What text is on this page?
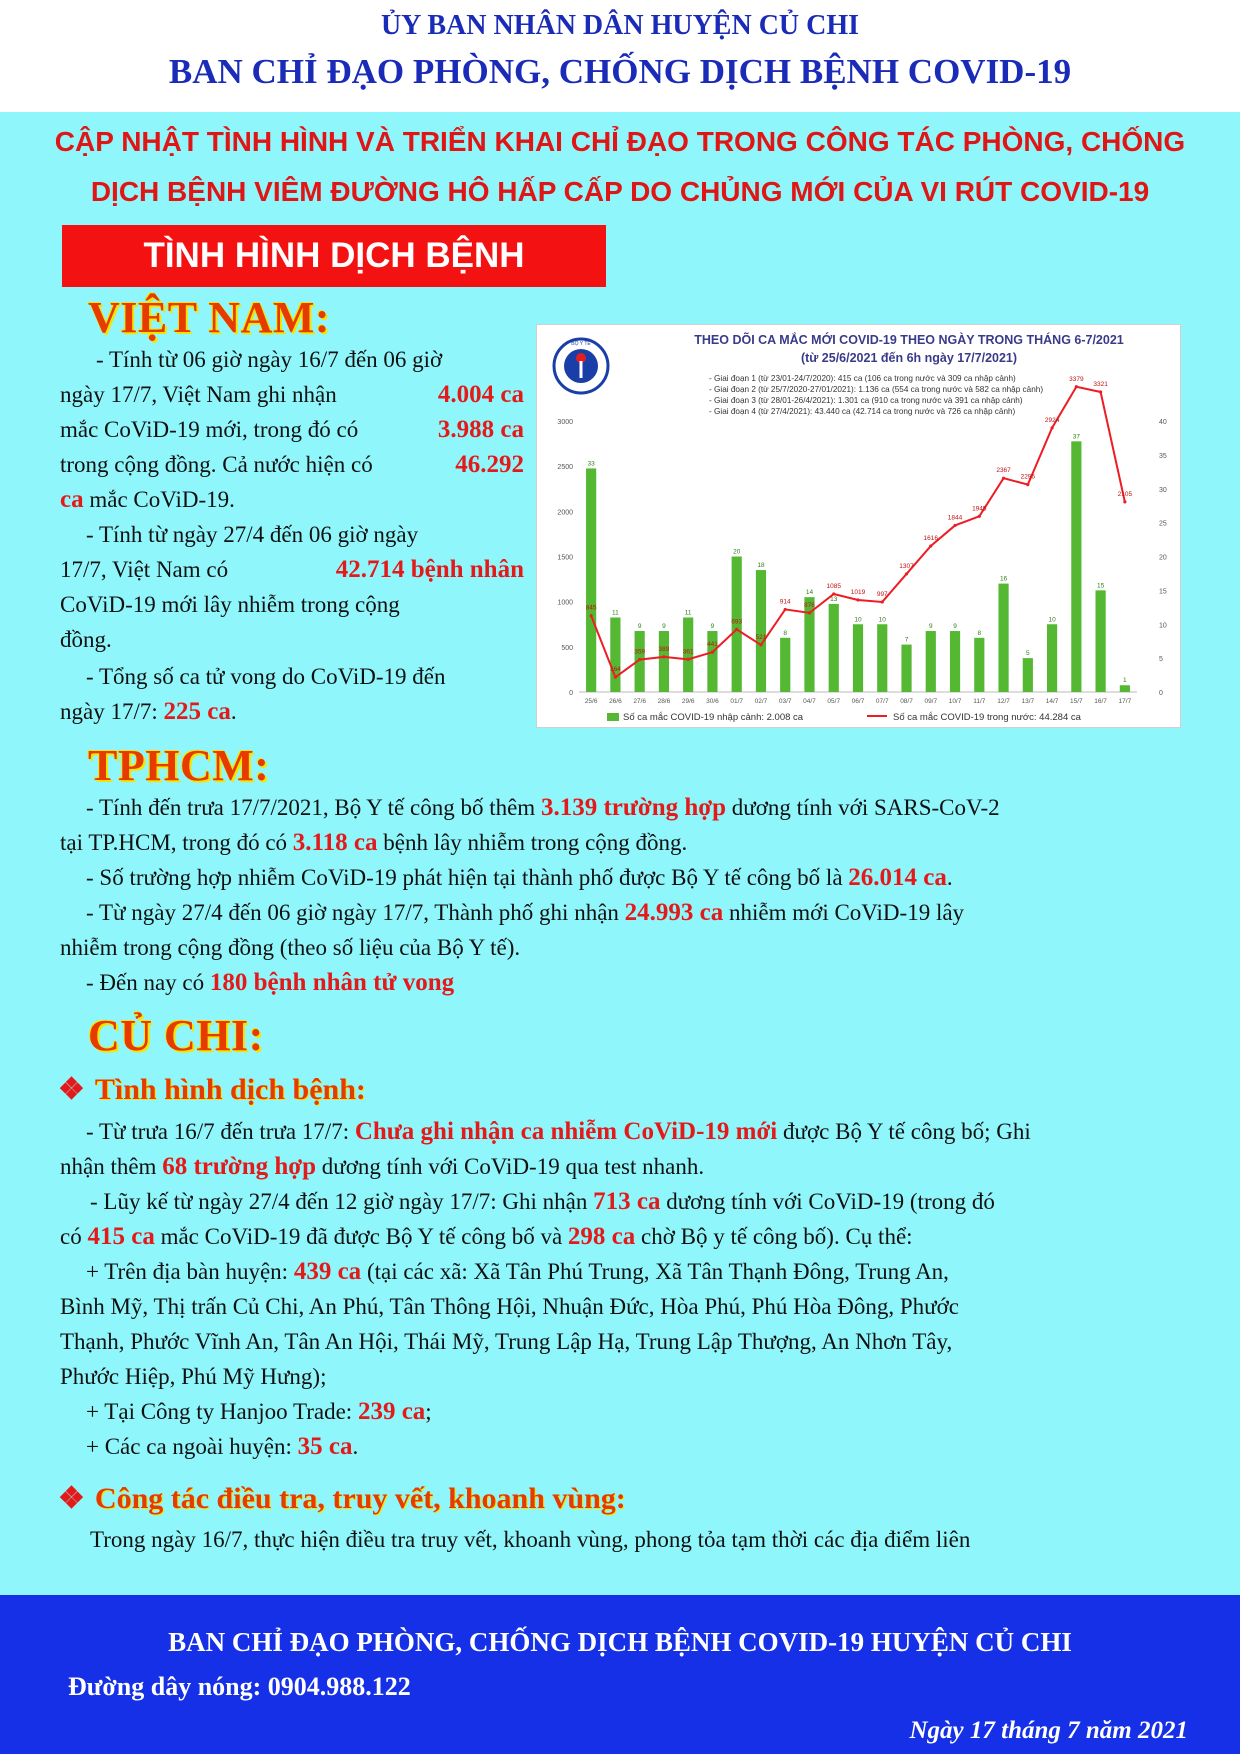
ỦY BAN NHÂN DÂN HUYỆN CỦ CHI
BAN CHỈ ĐẠO PHÒNG, CHỐNG DỊCH BỆNH COVID-19
CẬP NHẬT TÌNH HÌNH VÀ TRIỂN KHAI CHỈ ĐẠO TRONG CÔNG TÁC PHÒNG, CHỐNG
DỊCH BỆNH VIÊM ĐƯỜNG HÔ HẤP CẤP DO CHỦNG MỚI CỦA VI RÚT COVID-19
TÌNH HÌNH DỊCH BỆNH
VIỆT NAM:
- Tính từ 06 giờ ngày 16/7 đến 06 giờ
ngày 17/7, Việt Nam ghi nhận	4.004 ca
mắc CoViD-19 mới, trong đó có	3.988 ca
trong cộng đồng. Cả nước hiện có	46.292
ca mắc CoViD-19.
- Tính từ ngày 27/4 đến 06 giờ ngày
17/7, Việt Nam có	42.714 bệnh nhân
CoViD-19 mới lây nhiễm trong cộng
đồng.
- Tổng số ca tử vong do CoViD-19 đến
ngày 17/7: 225 ca.
BỘ Y TẾ	THEO DÕI CA MẮC MỚI COVID-19 THEO NGÀY TRONG THÁNG 6-7/2021
(từ 25/6/2021 đến 6h ngày 17/7/2021)
- Giai đoạn 1 (từ 23/01-24/7/2020): 415 ca (106 ca trong nước và 309 ca nhập cảnh)
- Giai đoạn 2 (từ 25/7/2020-27/01/2021): 1.136 ca (554 ca trong nước và 582 ca nhập cảnh)
- Giai đoạn 3 (từ 28/01-26/4/2021): 1.301 ca (910 ca trong nước và 391 ca nhập cảnh)
- Giai đoạn 4 (từ 27/4/2021): 43.440 ca (42.714 ca trong nước và 726 ca nhập cảnh)
0
500
1000
1500
2000
2500
3000
0
5
10
15
20
25
30
35
40
33
11
9	9
11
9
20
18
8
14
13
10	10
7
9	9
8
16
5
10
37
15
1
845
164
359 389 361
441
693
521
914 876
1085
1019 997
1307
1616
1844
1945
2367
2296
2924
3379
3321
2105
25/6 26/6 27/6 28/6 29/6 30/6 01/7 02/7 03/7 04/7 05/7 06/7 07/7 08/7 09/7 10/7 11/7 12/7 13/7 14/7 15/7 16/7 17/7
Số ca mắc COVID-19 nhập cảnh: 2.008 ca	Số ca mắc COVID-19 trong nước: 44.284 ca
TPHCM:
- Tính đến trưa 17/7/2021, Bộ Y tế công bố thêm 3.139 trường hợp dương tính với SARS-CoV-2
tại TP.HCM, trong đó có 3.118 ca bệnh lây nhiễm trong cộng đồng.
- Số trường hợp nhiễm CoViD-19 phát hiện tại thành phố được Bộ Y tế công bố là 26.014 ca.
- Từ ngày 27/4 đến 06 giờ ngày 17/7, Thành phố ghi nhận 24.993 ca nhiễm mới CoViD-19 lây
nhiễm trong cộng đồng (theo số liệu của Bộ Y tế).
- Đến nay có 180 bệnh nhân tử vong
CỦ CHI:
❖ Tình hình dịch bệnh:
- Từ trưa 16/7 đến trưa 17/7: Chưa ghi nhận ca nhiễm CoViD-19 mới được Bộ Y tế công bố; Ghi
nhận thêm 68 trường hợp dương tính với CoViD-19 qua test nhanh.
- Lũy kế từ ngày 27/4 đến 12 giờ ngày 17/7: Ghi nhận 713 ca dương tính với CoViD-19 (trong đó
có 415 ca mắc CoViD-19 đã được Bộ Y tế công bố và 298 ca chờ Bộ y tế công bố). Cụ thể:
+ Trên địa bàn huyện: 439 ca (tại các xã: Xã Tân Phú Trung, Xã Tân Thạnh Đông, Trung An,
Bình Mỹ, Thị trấn Củ Chi, An Phú, Tân Thông Hội, Nhuận Đức, Hòa Phú, Phú Hòa Đông, Phước
Thạnh, Phước Vĩnh An, Tân An Hội, Thái Mỹ, Trung Lập Hạ, Trung Lập Thượng, An Nhơn Tây,
Phước Hiệp, Phú Mỹ Hưng);
+ Tại Công ty Hanjoo Trade: 239 ca;
+ Các ca ngoài huyện: 35 ca.
❖ Công tác điều tra, truy vết, khoanh vùng:
Trong ngày 16/7, thực hiện điều tra truy vết, khoanh vùng, phong tỏa tạm thời các địa điểm liên
BAN CHỈ ĐẠO PHÒNG, CHỐNG DỊCH BỆNH COVID-19 HUYỆN CỦ CHI
Đường dây nóng: 0904.988.122
Ngày 17 tháng 7 năm 2021
